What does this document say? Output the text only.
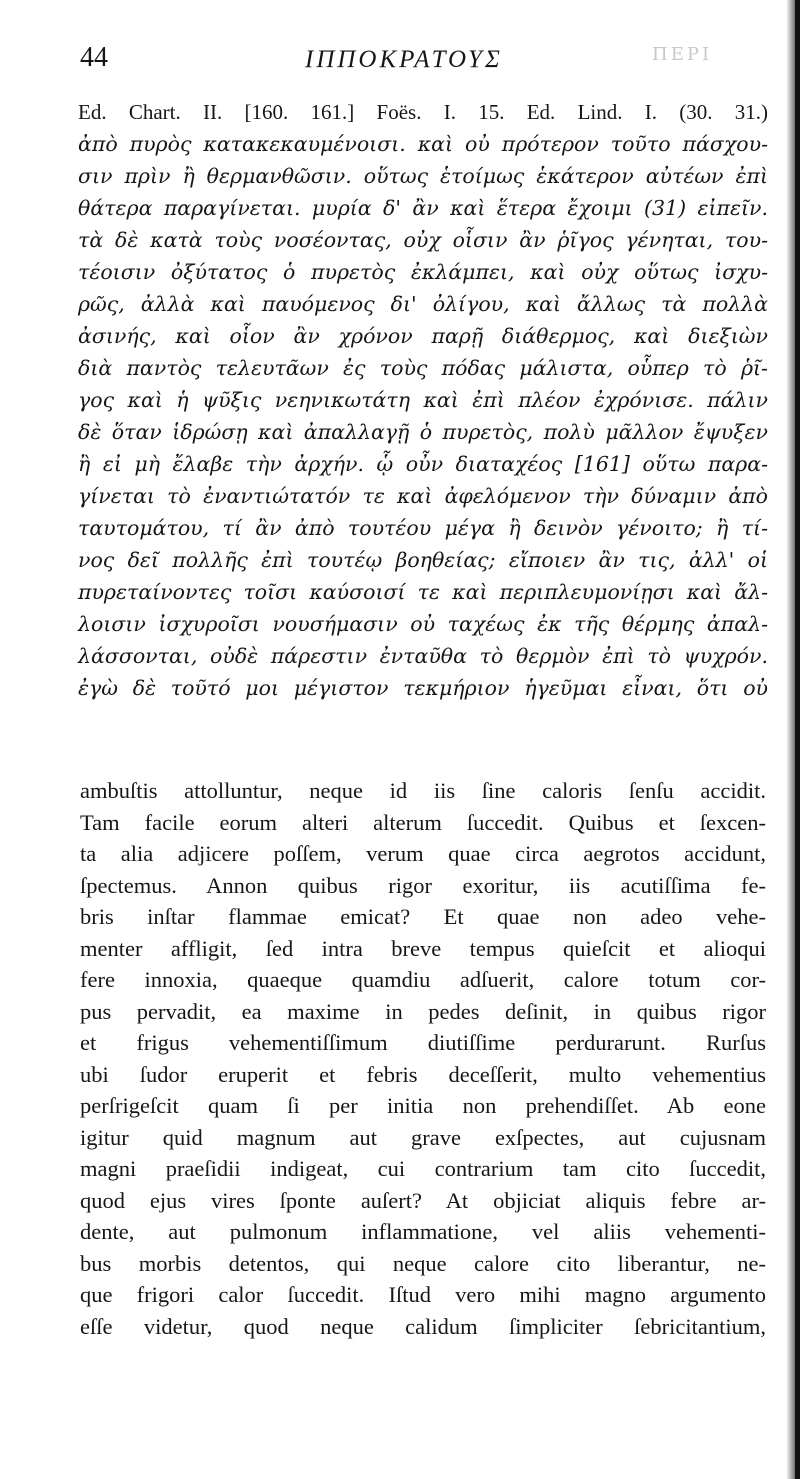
44	ΙΠΠΟΚΡΑΤΟΥΣ	ΠΕΡΙ
Ed. Chart. II. [160. 161.] Foës. I. 15. Ed. Lind. I. (30. 31.)
ἀπὸ πυρὸς κατακεκαυμένοισι. καὶ οὐ πρότερον τοῦτο πάσχου-
σιν πρὶν ἢ θερμανθῶσιν. οὕτως ἑτοίμως ἑκάτερον αὐτέων ἐπὶ
θάτερα παραγίνεται. μυρία δ' ἂν καὶ ἕτερα ἔχοιμι (31) εἰπεῖν.
τὰ δὲ κατὰ τοὺς νοσέοντας, οὐχ οἷσιν ἂν ῥῖγος γένηται, του-
τέοισιν ὀξύτατος ὁ πυρετὸς ἐκλάμπει, καὶ οὐχ οὕτως ἰσχυ-
ρῶς, ἀλλὰ καὶ παυόμενος δι' ὀλίγου, καὶ ἄλλως τὰ πολλὰ
ἀσινής, καὶ οἷον ἂν χρόνον παρῇ διάθερμος, καὶ διεξιὼν
διὰ παντὸς τελευτᾶων ἐς τοὺς πόδας μάλιστα, οὗπερ τὸ ῥῖ-
γος καὶ ἡ ψῦξις νεηνικωτάτη καὶ ἐπὶ πλέον ἐχρόνισε. πάλιν
δὲ ὅταν ἱδρώσῃ καὶ ἀπαλλαγῇ ὁ πυρετὸς, πολὺ μᾶλλον ἔψυξεν
ἢ εἰ μὴ ἔλαβε τὴν ἀρχήν. ᾧ οὖν διαταχέος [161] οὕτω παρα-
γίνεται τὸ ἐναντιώτατόν τε καὶ ἀφελόμενον τὴν δύναμιν ἀπὸ
ταυτομάτου, τί ἂν ἀπὸ τουτέου μέγα ἢ δεινὸν γένοιτο; ἢ τί-
νος δεῖ πολλῆς ἐπὶ τουτέῳ βοηθείας; εἴποιεν ἂν τις, ἀλλ' οἱ
πυρεταίνοντες τοῖσι καύσοισί τε καὶ περιπλευμονίῃσι καὶ ἄλ-
λοισιν ἰσχυροῖσι νουσήμασιν οὐ ταχέως ἐκ τῆς θέρμης ἀπαλ-
λάσσονται, οὐδὲ πάρεστιν ἐνταῦθα τὸ θερμὸν ἐπὶ τὸ ψυχρόν.
ἐγὼ δὲ τοῦτό μοι μέγιστον τεκμήριον ἡγεῦμαι εἶναι, ὅτι οὐ
ambuſtis attolluntur, neque id iis ſine caloris ſenſu accidit.
Tam facile eorum alteri alterum ſuccedit. Quibus et ſexcen-
ta alia adjicere poſſem, verum quae circa aegrotos accidunt,
ſpectemus. Annon quibus rigor exoritur, iis acutiſſima fe-
bris inſtar flammae emicat? Et quae non adeo vehe-
menter affligit, ſed intra breve tempus quieſcit et alioqui
fere innoxia, quaeque quamdiu adſuerit, calore totum cor-
pus pervadit, ea maxime in pedes deſinit, in quibus rigor
et frigus vehementiſſimum diutiſſime perdurarunt. Rurſus
ubi ſudor eruperit et febris deceſſerit, multo vehementius
perſrigeſcit quam ſi per initia non prehendiſſet. Ab eone
igitur quid magnum aut grave exſpectes, aut cujusnam
magni praeſidii indigeat, cui contrarium tam cito ſuccedit,
quod ejus vires ſponte auſert? At objiciat aliquis febre ar-
dente, aut pulmonum inflammatione, vel aliis vehementi-
bus morbis detentos, qui neque calore cito liberantur, ne-
que frigori calor ſuccedit. Iſtud vero mihi magno argumento
eſſe videtur, quod neque calidum ſimpliciter ſebricitantium,
